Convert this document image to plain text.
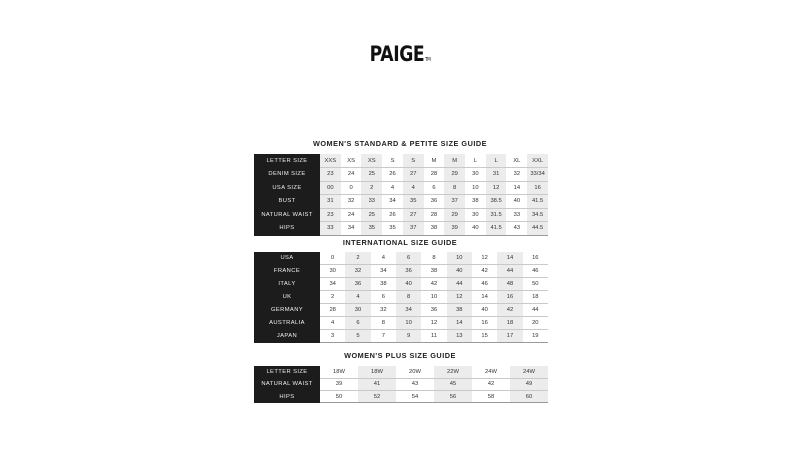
PAIGETM
WOMEN'S STANDARD & PETITE SIZE GUIDE
LETTER SIZE	XXS	XS	XS	S	S	M	M	L	L	XL	XXL
DENIM SIZE	23	24	25	26	27	28	29	30	31	32	33/34
USA SIZE	00	0	2	4	4	6	8	10	12	14	16
BUST	31	32	33	34	35	36	37	38	38.5	40	41.5
NATURAL WAIST	23	24	25	26	27	28	29	30	31.5	33	34.5
HIPS	33	34	35	35	37	38	39	40	41.5	43	44.5
INTERNATIONAL SIZE GUIDE
USA	0	2	4	6	8	10	12	14	16
FRANCE	30	32	34	36	38	40	42	44	46
ITALY	34	36	38	40	42	44	46	48	50
UK	2	4	6	8	10	12	14	16	18
GERMANY	28	30	32	34	36	38	40	42	44
AUSTRALIA	4	6	8	10	12	14	16	18	20
JAPAN	3	5	7	9	11	13	15	17	19
WOMEN'S PLUS SIZE GUIDE
LETTER SIZE	18W	18W	20W	22W	24W	24W
NATURAL WAIST	39	41	43	45	42	49
HIPS	50	52	54	56	58	60
